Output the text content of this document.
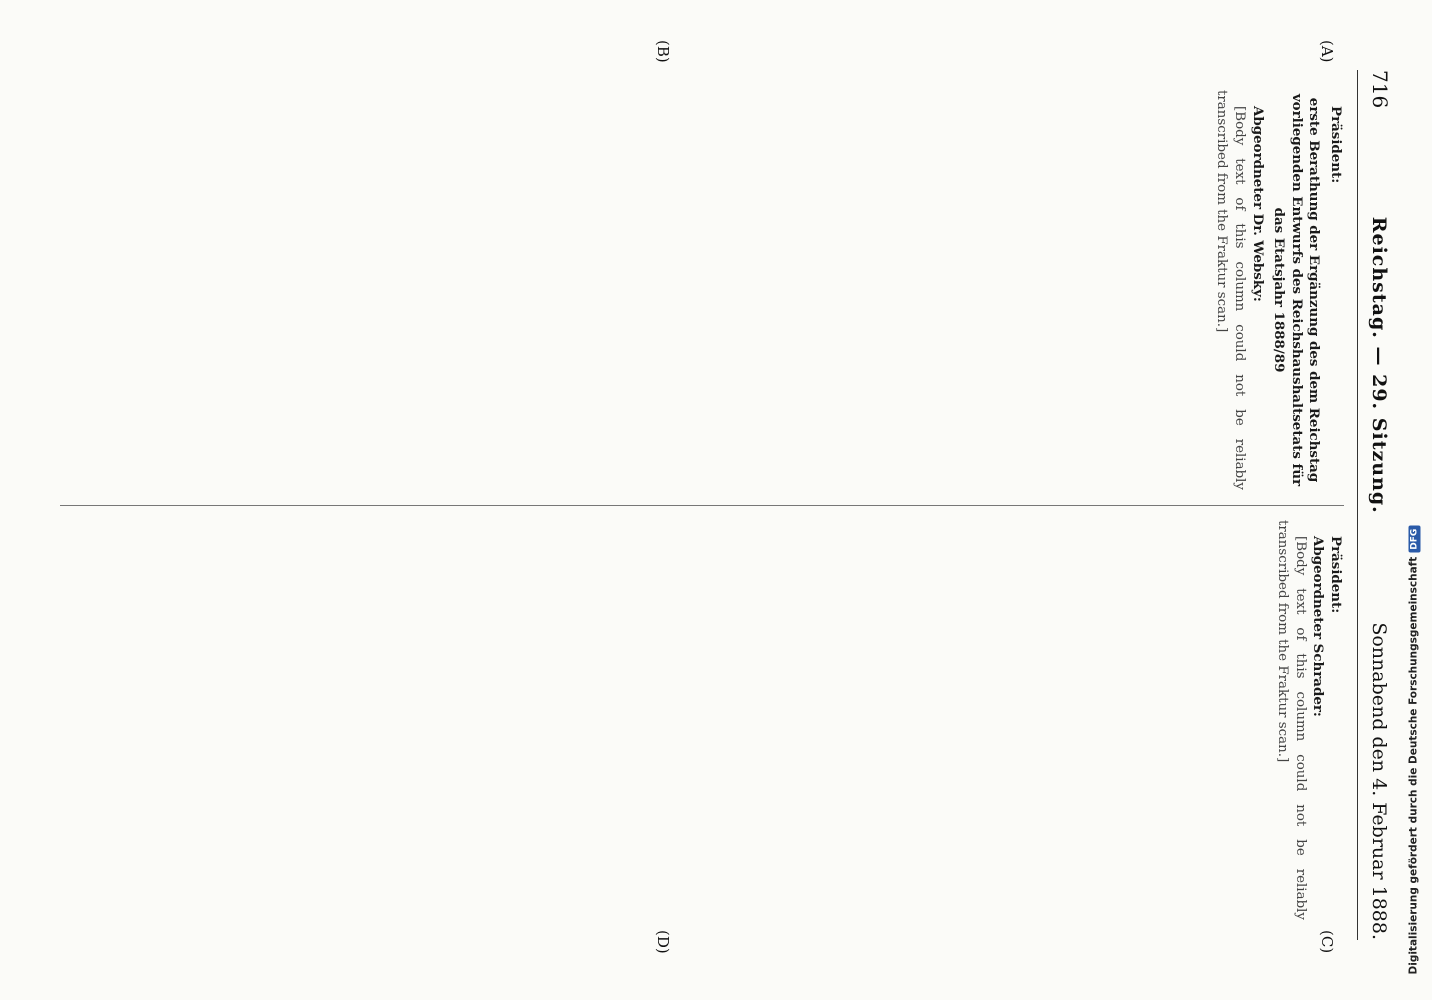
716
Reichstag. — 29. Sitzung.
Sonnabend den 4. Februar 1888.
(A)
(B)
(C)
(D)

Präsident:

erste Berathung der Ergänzung des dem Reichstag vorliegenden Entwurfs des Reichshaushaltsetats für das Etatsjahr 1888/89

Abgeordneter Dr. Websky:

[Body text of this column could not be reliably transcribed from the Fraktur scan.]

Präsident:

Abgeordneter Schrader:

[Body text of this column could not be reliably transcribed from the Fraktur scan.]	Digitalisierung gefördert durch die Deutsche ForschungsgemeinschaftDFG
